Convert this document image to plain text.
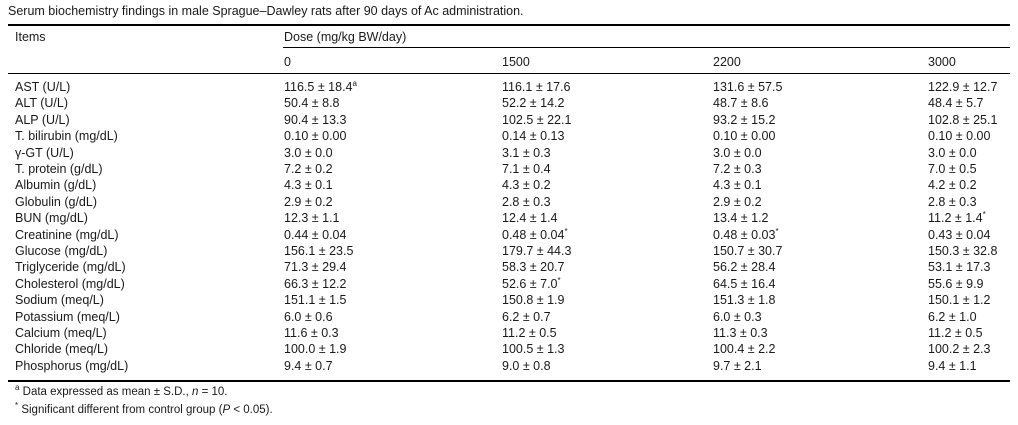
Serum biochemistry findings in male Sprague–Dawley rats after 90 days of Ac administration.
Items	Dose (mg/kg BW/day)
0	1500	2200	3000
AST (U/L)	116.5 ± 18.4$^a$	116.1 ± 17.6	131.6 ± 57.5	122.9 ± 12.7
ALT (U/L)	50.4 ± 8.8	52.2 ± 14.2	48.7 ± 8.6	48.4 ± 5.7
ALP (U/L)	90.4 ± 13.3	102.5 ± 22.1	93.2 ± 15.2	102.8 ± 25.1
T. bilirubin (mg/dL)	0.10 ± 0.00	0.14 ± 0.13	0.10 ± 0.00	0.10 ± 0.00
γ-GT (U/L)	3.0 ± 0.0	3.1 ± 0.3	3.0 ± 0.0	3.0 ± 0.0
T. protein (g/dL)	7.2 ± 0.2	7.1 ± 0.4	7.2 ± 0.3	7.0 ± 0.5
Albumin (g/dL)	4.3 ± 0.1	4.3 ± 0.2	4.3 ± 0.1	4.2 ± 0.2
Globulin (g/dL)	2.9 ± 0.2	2.8 ± 0.3	2.9 ± 0.2	2.8 ± 0.3
BUN (mg/dL)	12.3 ± 1.1	12.4 ± 1.4	13.4 ± 1.2	11.2 ± 1.4*
Creatinine (mg/dL)	0.44 ± 0.04	0.48 ± 0.04*	0.48 ± 0.03*	0.43 ± 0.04
Glucose (mg/dL)	156.1 ± 23.5	179.7 ± 44.3	150.7 ± 30.7	150.3 ± 32.8
Triglyceride (mg/dL)	71.3 ± 29.4	58.3 ± 20.7	56.2 ± 28.4	53.1 ± 17.3
Cholesterol (mg/dL)	66.3 ± 12.2	52.6 ± 7.0*	64.5 ± 16.4	55.6 ± 9.9
Sodium (meq/L)	151.1 ± 1.5	150.8 ± 1.9	151.3 ± 1.8	150.1 ± 1.2
Potassium (meq/L)	6.0 ± 0.6	6.2 ± 0.7	6.0 ± 0.3	6.2 ± 1.0
Calcium (meq/L)	11.6 ± 0.3	11.2 ± 0.5	11.3 ± 0.3	11.2 ± 0.5
Chloride (meq/L)	100.0 ± 1.9	100.5 ± 1.3	100.4 ± 2.2	100.2 ± 2.3
Phosphorus (mg/dL)	9.4 ± 0.7	9.0 ± 0.8	9.7 ± 2.1	9.4 ± 1.1
$^a$ Data expressed as mean ± S.D., n = 10.
* Significant different from control group (P < 0.05).
